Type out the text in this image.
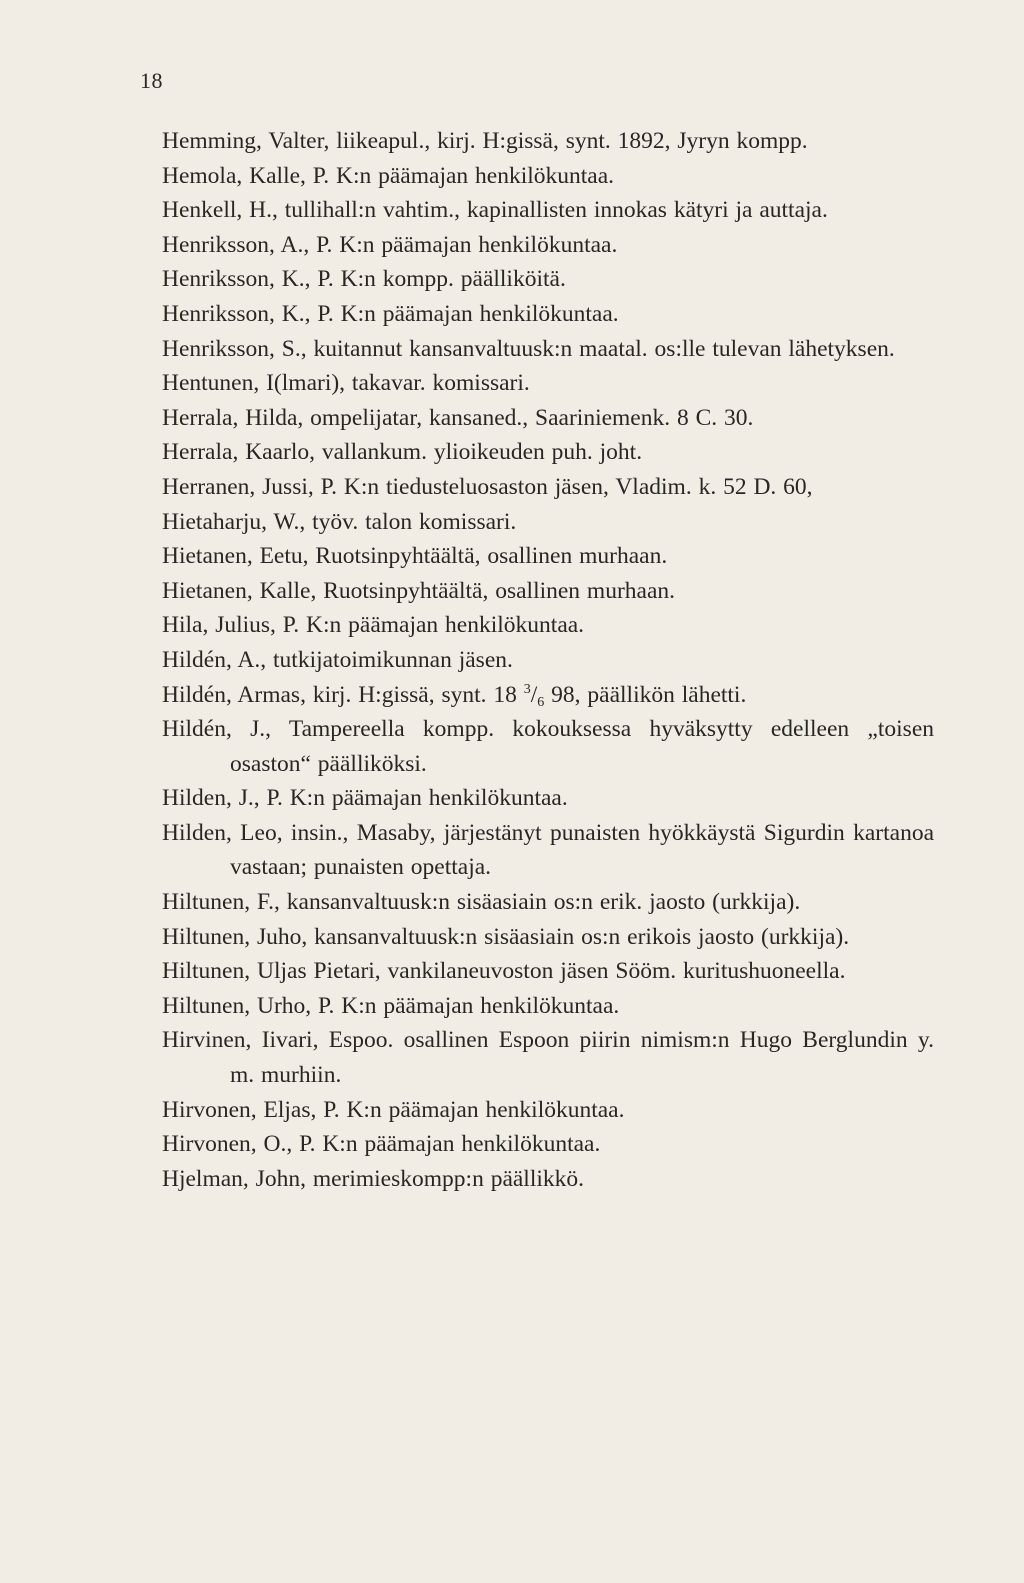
18
Hemming, Valter, liikeapul., kirj. H:gissä, synt. 1892, Jyryn kompp.
Hemola, Kalle, P. K:n päämajan henkilökuntaa.
Henkell, H., tullihall:n vahtim., kapinallisten innokas kätyri ja auttaja.
Henriksson, A., P. K:n päämajan henkilökuntaa.
Henriksson, K., P. K:n kompp. päälliköitä.
Henriksson, K., P. K:n päämajan henkilökuntaa.
Henriksson, S., kuitannut kansanvaltuusk:n maatal. os:lle tulevan lähetyksen.
Hentunen, I(lmari), takavar. komissari.
Herrala, Hilda, ompelijatar, kansaned., Saariniemenk. 8 C. 30.
Herrala, Kaarlo, vallankum. ylioikeuden puh. joht.
Herranen, Jussi, P. K:n tiedusteluosaston jäsen, Vladim. k. 52 D. 60,
Hietaharju, W., työv. talon komissari.
Hietanen, Eetu, Ruotsinpyhtäältä, osallinen murhaan.
Hietanen, Kalle, Ruotsinpyhtäältä, osallinen murhaan.
Hila, Julius, P. K:n päämajan henkilökuntaa.
Hildén, A., tutkijatoimikunnan jäsen.
Hildén, Armas, kirj. H:gissä, synt. 18 $^3/_6$ 98, päällikön lähetti.
Hildén, J., Tampereella kompp. kokouksessa hyväksytty edelleen „toisen osaston“ päälliköksi.
Hilden, J., P. K:n päämajan henkilökuntaa.
Hilden, Leo, insin., Masaby, järjestänyt punaisten hyökkäystä Sigurdin kartanoa vastaan; punaisten opettaja.
Hiltunen, F., kansanvaltuusk:n sisäasiain os:n erik. jaosto (urkkija).
Hiltunen, Juho, kansanvaltuusk:n sisäasiain os:n erikois jaosto (urkkija).
Hiltunen, Uljas Pietari, vankilaneuvoston jäsen Sööm. kuritushuoneella.
Hiltunen, Urho, P. K:n päämajan henkilökuntaa.
Hirvinen, Iivari, Espoo. osallinen Espoon piirin nimism:n Hugo Berglundin y. m. murhiin.
Hirvonen, Eljas, P. K:n päämajan henkilökuntaa.
Hirvonen, O., P. K:n päämajan henkilökuntaa.
Hjelman, John, merimieskompp:n päällikkö.
